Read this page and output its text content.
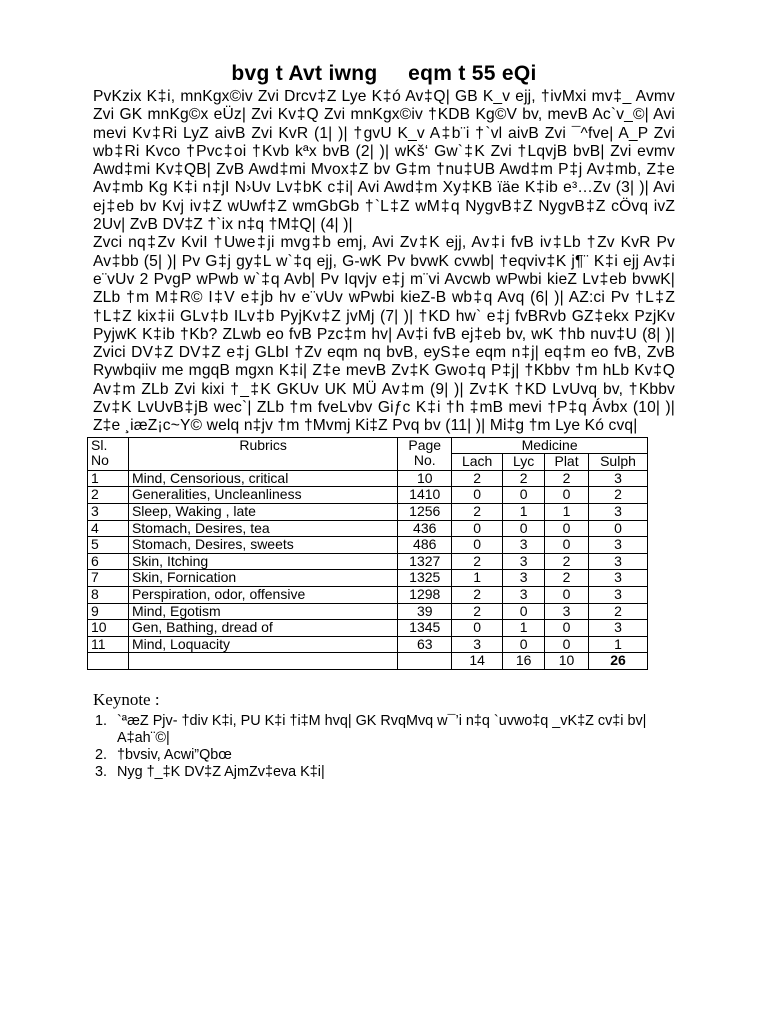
bvg t Avt iwng     eqm t 55 eQi

PvKzix K‡i, mnKgx©iv Zvi Drcv‡Z Lye K‡ó Av‡Q| GB K_v ejj, †ivMxi mv‡_ Avmv Zvi GK mnKg©x eÜz| Zvi Kv‡Q Zvi mnKgx©iv †KDB Kg©V bv, mevB Ac`v_©| Avi mevi Kv‡Ri LyZ aivB Zvi KvR (1| )| †gvU K_v A‡b¨i †`vl aivB Zvi ¯^fve| A_P Zvi wb‡Ri Kvco †Pvc‡oi †Kvb kªx bvB (2| )| wKš‘ Gw`‡K Zvi †LqvjB bvB| Zvi evmv Awd‡mi Kv‡QB| ZvB Awd‡mi Mvox‡Z bv G‡m †nu‡UB Awd‡m P‡j Av‡mb, Z‡e Av‡mb Kg K‡i n‡jI N›Uv Lv‡bK c‡i| Avi Awd‡m Xy‡KB ïäe K‡ib e³…Zv (3| )| Avi ej‡eb bv Kvj iv‡Z wUwf‡Z wmGbGb †`L‡Z wM‡q NygvB‡Z NygvB‡Z cÖvq ivZ 2Uv| ZvB DV‡Z †`ix n‡q †M‡Q| (4| )|

Zvci nq‡Zv KviI †Uwe‡ji mvg‡b emj, Avi Zv‡K ejj, Av‡i fvB iv‡Lb †Zv KvR Pv Av‡bb (5| )| Pv G‡j gy‡L w`‡q ejj, G-wK Pv bvwK cvwb| †eqviv‡K j¶¨ K‡i ejj Av‡i e¨vUv 2 PvgP wPwb w`‡q Avb| Pv Iqvjv e‡j m¨vi Avcwb wPwbi kieZ Lv‡eb bvwK| ZLb †m M‡R© I‡V e‡jb hv e¨vUv wPwbi kieZ-B wb‡q Avq (6| )| AZ:ci Pv †L‡Z †L‡Z kix‡ii GLv‡b ILv‡b PyjKv‡Z jvMj (7| )| †KD hw` e‡j fvBRvb GZ‡ekx PzjKv PyjwK K‡ib †Kb? ZLwb eo fvB Pzc‡m hv| Av‡i fvB ej‡eb bv, wK †hb nuv‡U (8| )| Zvici DV‡Z DV‡Z e‡j GLbI †Zv eqm nq bvB, eyS‡e eqm n‡j| eq‡m eo fvB, ZvB Rywbqiiv me mgqB mgxn K‡i| Z‡e mevB Zv‡K Gwo‡q P‡j| †Kbbv †m hLb Kv‡Q Av‡m ZLb Zvi kixi †_‡K GKUv UK MÜ Av‡m (9| )| Zv‡K †KD LvUvq bv, †Kbbv Zv‡K LvUvB‡jB wec`| ZLb †m fveLvbv Giƒc K‡i †h ‡mB mevi †P‡q Ávbx (10| )| Z‡e ¸iæZ¡c~Y© welq n‡jv †m †Mvmj Ki‡Z Pvq bv (11| )| Mi‡g †m Lye Kó cvq|

Sl. No	Rubrics	Page No.	Medicine			
			Lach	Lyc	Plat	Sulph
1	Mind, Censorious, critical	10	2	2	2	3
2	Generalities, Uncleanliness	1410	0	0	0	2
3	Sleep, Waking , late	1256	2	1	1	3
4	Stomach, Desires, tea	436	0	0	0	0
5	Stomach, Desires, sweets	486	0	3	0	3
6	Skin, Itching	1327	2	3	2	3
7	Skin, Fornication	1325	1	3	2	3
8	Perspiration, odor, offensive	1298	2	3	0	3
9	Mind, Egotism	39	2	0	3	2
10	Gen, Bathing, dread of	1345	0	1	0	3
11	Mind, Loquacity	63	3	0	0	1
			14	16	10	26
Keynote :
1. `ªæZ Pjv- †div K‡i, PU K‡i †i‡M hvq| GK RvqMvq w¯’i n‡q `uvwo‡q _vK‡Z cv‡i bv| A‡ah¨©|
2. †bvsiv, Acwi”Qbœ
3. Nyg †_‡K DV‡Z AjmZv‡eva K‡i|
